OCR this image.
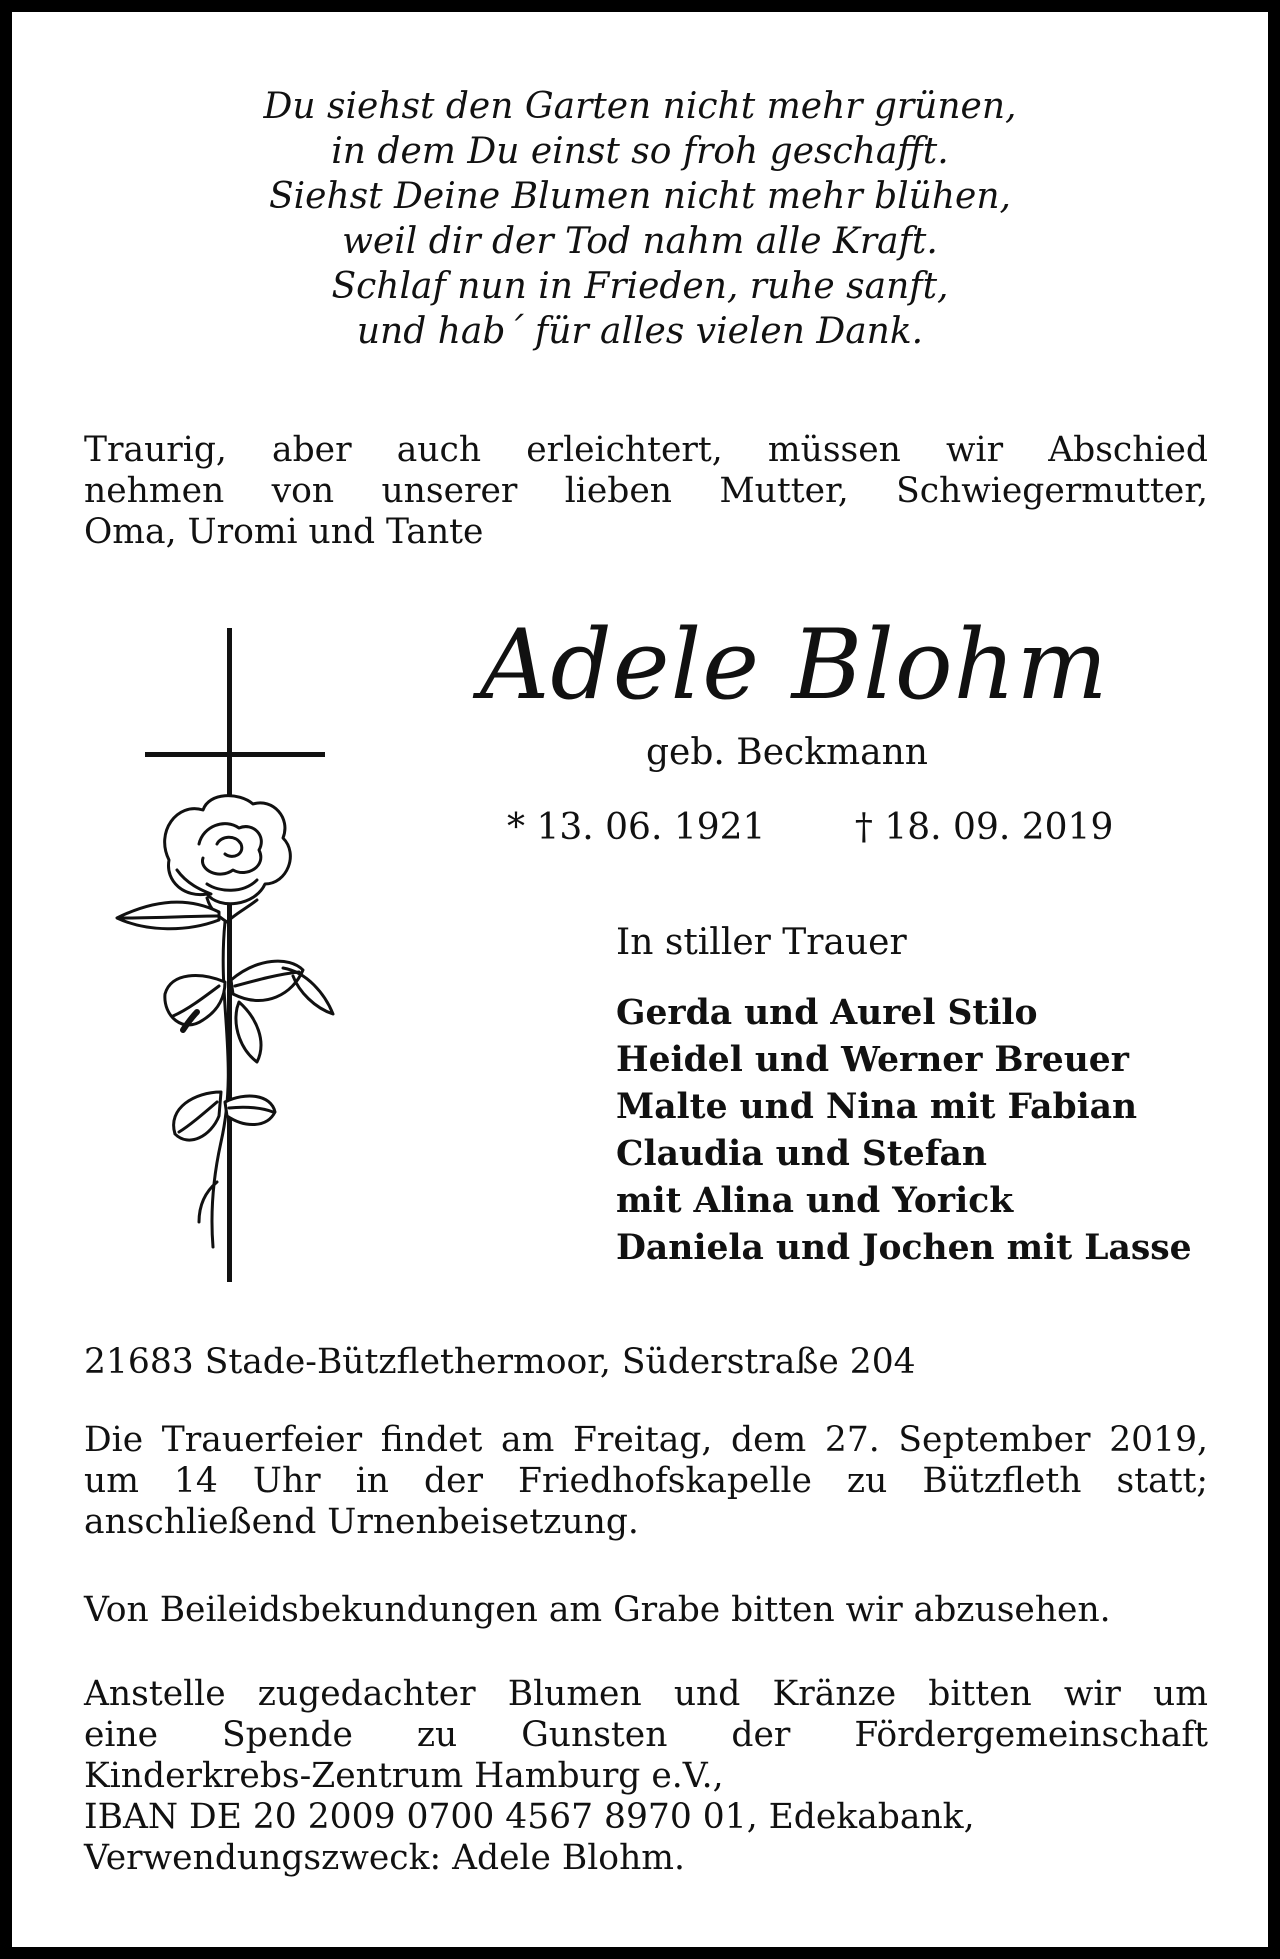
Du siehst den Garten nicht mehr grünen,
in dem Du einst so froh geschafft.
Siehst Deine Blumen nicht mehr blühen,
weil dir der Tod nahm alle Kraft.
Schlaf nun in Frieden, ruhe sanft,
und hab´ für alles vielen Dank.
Traurig, aber auch erleichtert, müssen wir Abschied
nehmen von unserer lieben Mutter, Schwiegermutter,
Oma, Uromi und Tante
Adele Blohm
geb. Beckmann
* 13. 06. 1921 † 18. 09. 2019
In stiller Trauer
Gerda und Aurel Stilo
Heidel und Werner Breuer
Malte und Nina mit Fabian
Claudia und Stefan
mit Alina und Yorick
Daniela und Jochen mit Lasse
21683 Stade-Bützflethermoor, Süderstraße 204
Die Trauerfeier findet am Freitag, dem 27. September 2019,
um 14 Uhr in der Friedhofskapelle zu Bützfleth statt;
anschließend Urnenbeisetzung.
Von Beileidsbekundungen am Grabe bitten wir abzusehen.
Anstelle zugedachter Blumen und Kränze bitten wir um
eine Spende zu Gunsten der Fördergemeinschaft
Kinderkrebs-Zentrum Hamburg e.V.,
IBAN DE 20 2009 0700 4567 8970 01, Edekabank,
Verwendungszweck: Adele Blohm.
